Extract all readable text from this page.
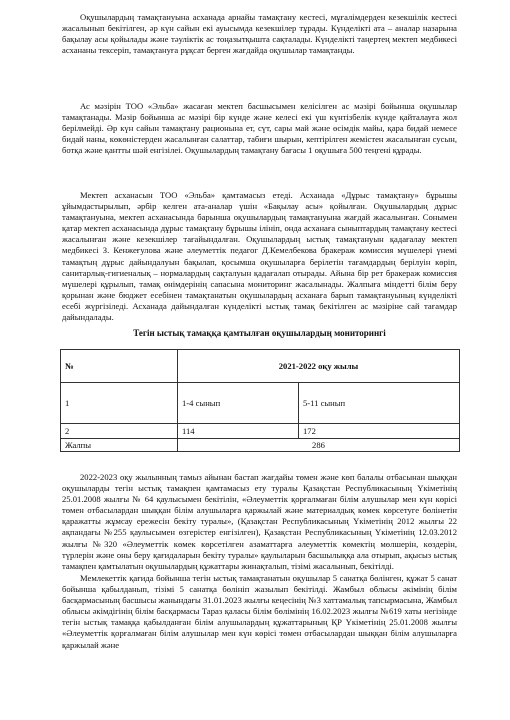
Оқушылардың тамақтануына асханада арнайы тамақтану кестесі, мұғалімдерден кезекшілік кестесі жасалынып бекітілген, әр күн сайын екі ауысымда кезекшілер тұрады. Күнделікті ата – аналар назарына бақылау асы қойылады және тәуліктік ас тоңазытқышта сақталады. Күнделікті таңертең мектеп медбикесі асхананы тексеріп, тамақтануға рұқсат берген жағдайда оқушылар тамақтанды.

Ас мәзірін ТОО «Эльба» жасаған мектеп басшысымен келісілген ас мәзірі бойынша оқушылар тамақтанады. Мәзір бойынша ас мәзірі бір күнде және келесі екі үш күнтізбелік күнде қайталауға жол берілмейді. Әр күн сайын тамақтану рационына ет, сүт, сары май және өсімдік майы, қара бидай немесе бидай наны, көкөністерден жасалынған салаттар, табиғи шырын, кептірілген жемістен жасалынған сусын, ботқа және қантты шәй енгізілеі. Оқушылардың тамақтану бағасы 1 оқушыға 500 теңгені құрады.

Мектеп асханасын ТОО «Эльба» қамтамасыз етеді. Асханада «Дұрыс тамақтану» бұрышы ұйымдастырылып, әрбір келген ата-аналар үшін «Бақылау асы» қойылған. Оқушылардың дұрыс тамақтануына, мектеп асханасында барынша оқушылардың тамақтануына жағдай жасалынған. Сонымен қатар мектеп асханасында дұрыс тамақтану бұрышы ілініп, онда асханаға сыныптардың тамақтану кестесі жасалынған және кезекшілер тағайындалған. Оқушылардың ыстық тамақтануын қадағалау мектеп медбикесі З. Кенжеғулова және әлеуметтік педагог Д.Кемелбекова бракераж комиссия мүшелері үнемі тамақтың дұрыс дайындалуын бақылап, қосымша оқушыларға берілетін тағамдардың берілуін көріп, санитарлық-гигиеналық – нормалардың сақталуын қадағалап отырады. Айына бір рет бракераж комиссия мүшелері құрылып, тамақ өнімдерінің сапасына мониторинг жасалынады. Жалпыға міндетті білім беру қорынан және бюджет есебінен тамақтанатын оқушылардың асханаға барып тамақтануының күнделікті есебі жүргізіледі. Асханада дайындалған күнделікті ыстық тамақ бекітілген ас мәзіріне сай тағамдар дайындалады.

Тегін ыстық тамаққа қамтылған оқушылардың мониторингі

№	2021-2022 оқу жылы	
1	1-4 сынып	5-11 сынып
2	114	172
Жалпы	286	

2022-2023 оқу жылынның тамыз айынан бастап жағдайы төмен және көп балалы отбасынан шыққан оқушыларды тегін ыстық тамақпен қамтамасыз ету туралы Қазақстан Республикасының Үкіметінің 25.01.2008 жылғы № 64 қаулысымен бекітілін, «Әлеуметтік қорғалмаған білім алушылар мен күн көрісі төмен отбасылардан шыққан білім алушыларға қаржылай және материалдық көмек көрсетуге бөлінетін қаражатты жұмсау ережесін бекіту туралы», (Қазақстан Республикасының Үкіметінің 2012 жылғы 22 ақпандағы №255 қаулысымен өзгерістер енгізілген), Қазақстан Республикасының Үкіметінің 12.03.2012 жылғы №320 «Әлеуметтік көмек көрсетілген азаматтарға әлеуметтік көмектің мөлшерін, көздерін, түрлерін және оны беру қағидаларын бекіту туралы» қаулыларын басшылыққа ала отырып, ақысыз ыстық тамақпен қамтылатын оқушылардың құжаттары жинақталып, тізімі жасалынып, бекітілді.

Мемлекеттік қағида бойынша тегін ыстық тамақтанатын оқушылар 5 санатқа бөлінген, құжат 5 санат бойынша қабылданып, тізімі 5 санатқа бөлініп жазылып бекітілді. Жамбыл облысы әкімінің білім басқармасының басшысы жанындағы 31.01.2023 жылғы кеңесінің №3 хаттамалық тапсырмасына, Жамбыл облысы әкімдігінің білім басқармасы Тараз қаласы білім бөлімінің 16.02.2023 жылғы №619 хаты негізінде тегін ыстық тамаққа қабылданған білім алушылардың құжаттарының ҚР Үкіметінің 25.01.2008 жылғы «Әлеуметтік қорғалмаған білім алушылар мен күн көрісі төмен отбасылардан шыққан білім алушыларға қаржылай және
